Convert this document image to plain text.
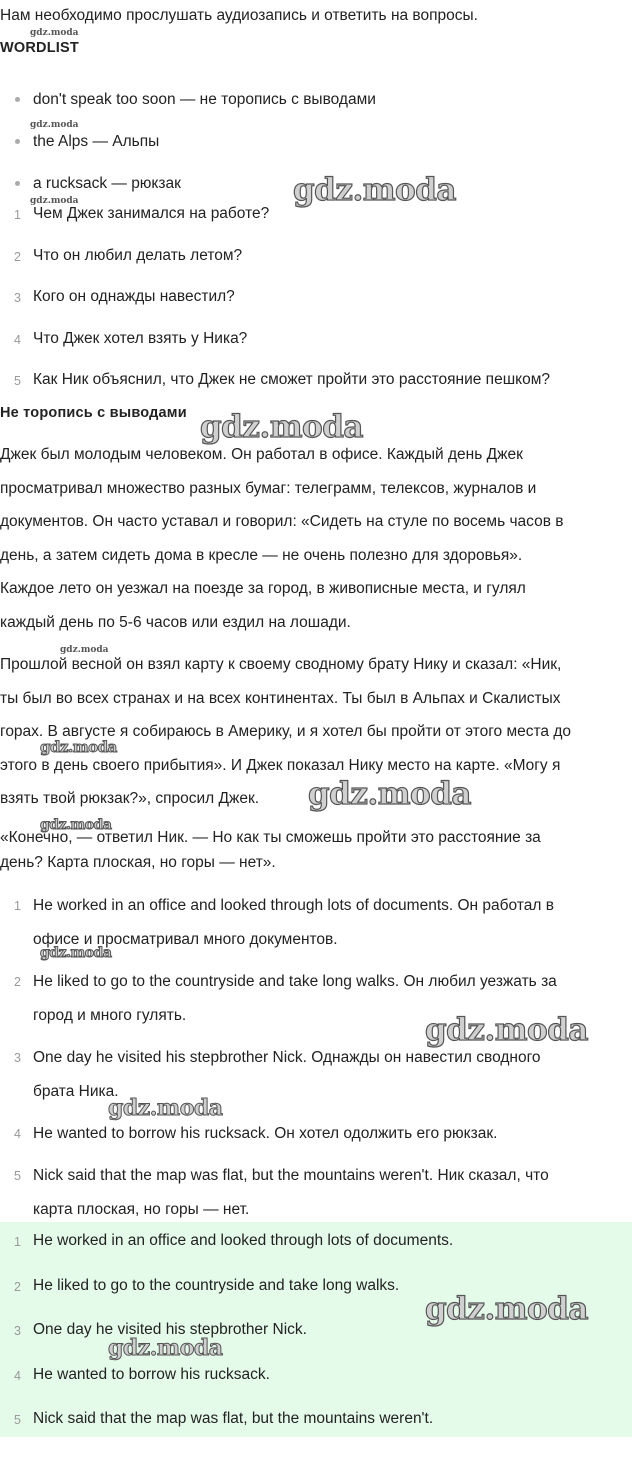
Нам необходимо прослушать аудиозапись и ответить на вопросы.
WORDLIST
don't speak too soon — не торопись с выводами
the Alps — Альпы
a rucksack — рюкзак
1 Чем Джек занимался на работе?
2 Что он любил делать летом?
3 Кого он однажды навестил?
4 Что Джек хотел взять у Ника?
5 Как Ник объяснил, что Джек не сможет пройти это расстояние пешком?
Не торопись с выводами

Джек был молодым человеком. Он работал в офисе. Каждый день Джек

просматривал множество разных бумаг: телеграмм, телексов, журналов и

документов. Он часто уставал и говорил: «Сидеть на стуле по восемь часов в

день, а затем сидеть дома в кресле — не очень полезно для здоровья».

Каждое лето он уезжал на поезде за город, в живописные места, и гулял

каждый день по 5-6 часов или ездил на лошади.

Прошлой весной он взял карту к своему сводному брату Нику и сказал: «Ник,

ты был во всех странах и на всех континентах. Ты был в Альпах и Скалистых

горах. В августе я собираюсь в Америку, и я хотел бы пройти от этого места до

этого в день своего прибытия». И Джек показал Нику место на карте. «Могу я

взять твой рюкзак?», спросил Джек.

«Конечно, — ответил Ник. — Но как ты сможешь пройти это расстояние за

день? Карта плоская, но горы — нет».

1 He worked in an office and looked through lots of documents. Он работал в
офисе и просматривал много документов.
2 He liked to go to the countryside and take long walks. Он любил уезжать за
город и много гулять.
3 One day he visited his stepbrother Nick. Однажды он навестил сводного
брата Ника.
4 He wanted to borrow his rucksack. Он хотел одолжить его рюкзак.
5 Nick said that the map was flat, but the mountains weren't. Ник сказал, что
карта плоская, но горы — нет.
1 He worked in an office and looked through lots of documents.
2 He liked to go to the countryside and take long walks.
3 One day he visited his stepbrother Nick.
4 He wanted to borrow his rucksack.
5 Nick said that the map was flat, but the mountains weren't.
gdz.moda
gdz.moda
gdz.moda	gdz.moda
gdz.moda
gdz.moda
gdz.moda
gdz.moda
gdz.moda
gdz.moda
gdz.moda
gdz.moda
gdz.moda
gdz.moda
